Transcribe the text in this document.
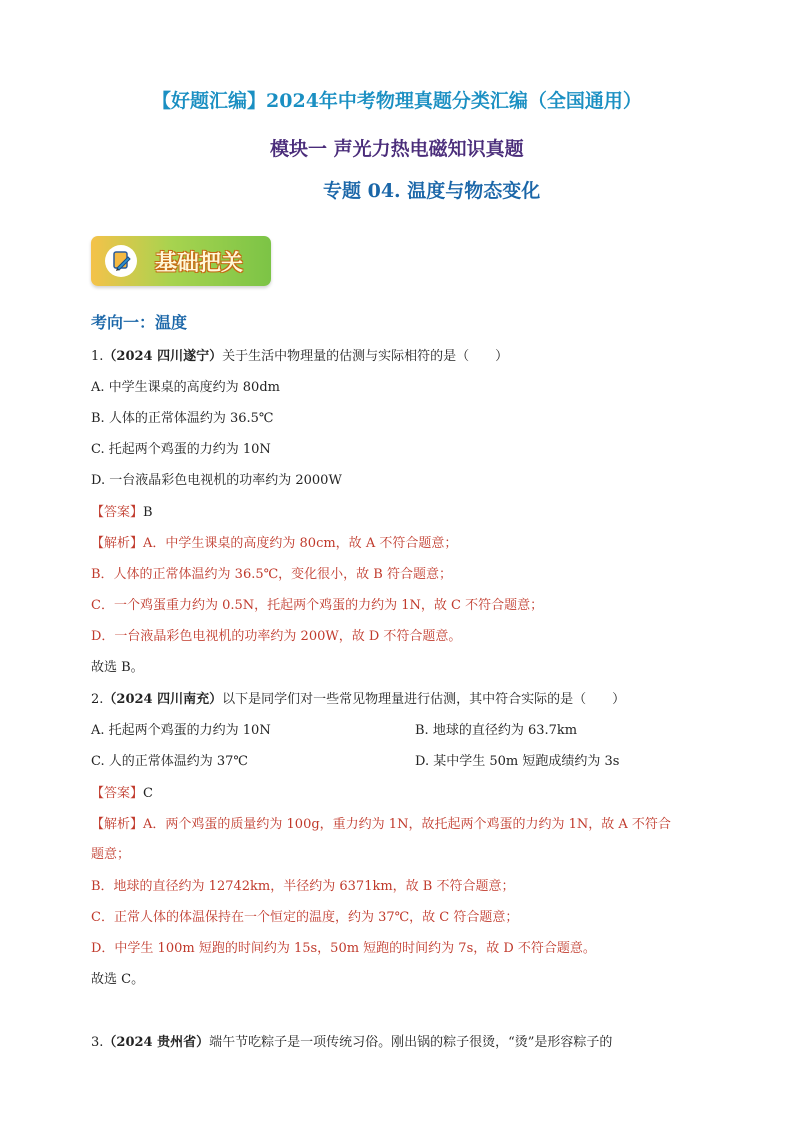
【好题汇编】2024年中考物理真题分类汇编（全国通用）
模块一 声光力热电磁知识真题
专题 04. 温度与物态变化
基础把关
考向一：温度
1.（2024 四川遂宁）关于生活中物理量的估测与实际相符的是（　　）
A. 中学生课桌的高度约为 80dm
B. 人体的正常体温约为 36.5℃
C. 托起两个鸡蛋的力约为 10N
D. 一台液晶彩色电视机的功率约为 2000W
【答案】B
【解析】A．中学生课桌的高度约为 80cm，故 A 不符合题意；
B．人体的正常体温约为 36.5℃，变化很小，故 B 符合题意；
C．一个鸡蛋重力约为 0.5N，托起两个鸡蛋的力约为 1N，故 C 不符合题意；
D．一台液晶彩色电视机的功率约为 200W，故 D 不符合题意。
故选 B。
2.（2024 四川南充）以下是同学们对一些常见物理量进行估测，其中符合实际的是（　　）
A. 托起两个鸡蛋的力约为 10N	B. 地球的直径约为 63.7km
C. 人的正常体温约为 37℃	D. 某中学生 50m 短跑成绩约为 3s
【答案】C
【解析】A．两个鸡蛋的质量约为 100g，重力约为 1N，故托起两个鸡蛋的力约为 1N，故 A 不符合
题意；
B．地球的直径约为 12742km，半径约为 6371km，故 B 不符合题意；
C．正常人体的体温保持在一个恒定的温度，约为 37℃，故 C 符合题意；
D．中学生 100m 短跑的时间约为 15s，50m 短跑的时间约为 7s，故 D 不符合题意。
故选 C。
3.（2024 贵州省）端午节吃粽子是一项传统习俗。刚出锅的粽子很烫，“烫”是形容粽子的
